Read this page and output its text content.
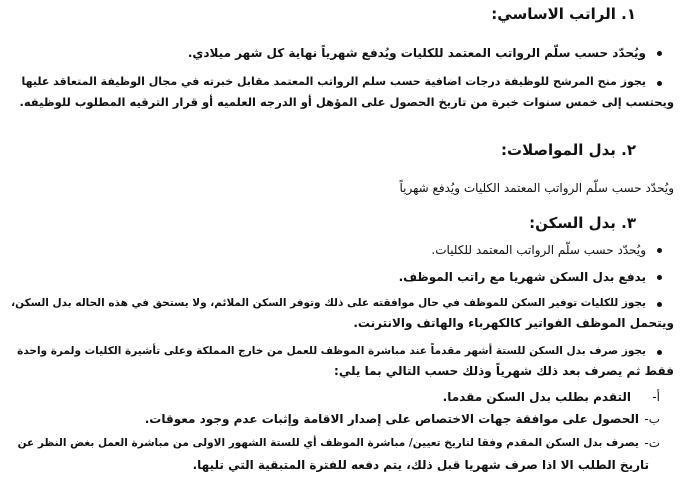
١. الراتب الاساسي:
ويُحدّد حسب سلّم الرواتب المعتمد للكليات ويُدفع شهرياً نهاية كل شهر ميلادي.
يجوز منح المرشح للوظيفة درجات اضافية حسب سلم الرواتب المعتمد مقابل خبرته في مجال الوظيفة المتعاقد عليها
ويحتسب إلى خمس سنوات خبرة من تاريخ الحصول على المؤهل أو الدرجه العلميه أو قرار الترقيه المطلوب للوظيفه.
٢. بدل المواصلات:
ويُحدّد حسب سلّم الرواتب المعتمد الكليات ويُدفع شهرياً
٣. بدل السكن:
ويُحدّد حسب سلّم الرواتب المعتمد للكليات.
يدفع بدل السكن شهريا مع راتب الموظف.
يجوز للكليات توفير السكن للموظف في حال موافقته على ذلك وتوفر السكن الملائم، ولا يستحق في هذه الحاله بدل السكن،
ويتحمل الموظف الفواتير كالكهرباء والهاتف والانترنت.
يجوز صرف بدل السكن للستة أشهر مقدماً عند مباشرة الموظف للعمل من خارج المملكة وعلى تأشيرة الكليات ولمرة واحدة
فقط ثم يصرف بعد ذلك شهرياً وذلك حسب التالي بما يلي:
أ-
التقدم بطلب بدل السكن مقدما.
ب-
الحصول على موافقة جهات الاختصاص على إصدار الاقامة وإثبات عدم وجود معوقات.
ت-
يصرف بدل السكن المقدم وفقا لتاريخ تعيين/ مباشرة الموظف أي للستة الشهور الاولى من مباشرة العمل بغض النظر عن
تاريخ الطلب الا اذا صرف شهريا قبل ذلك، يتم دفعه للفترة المتبقية التي تليها.
